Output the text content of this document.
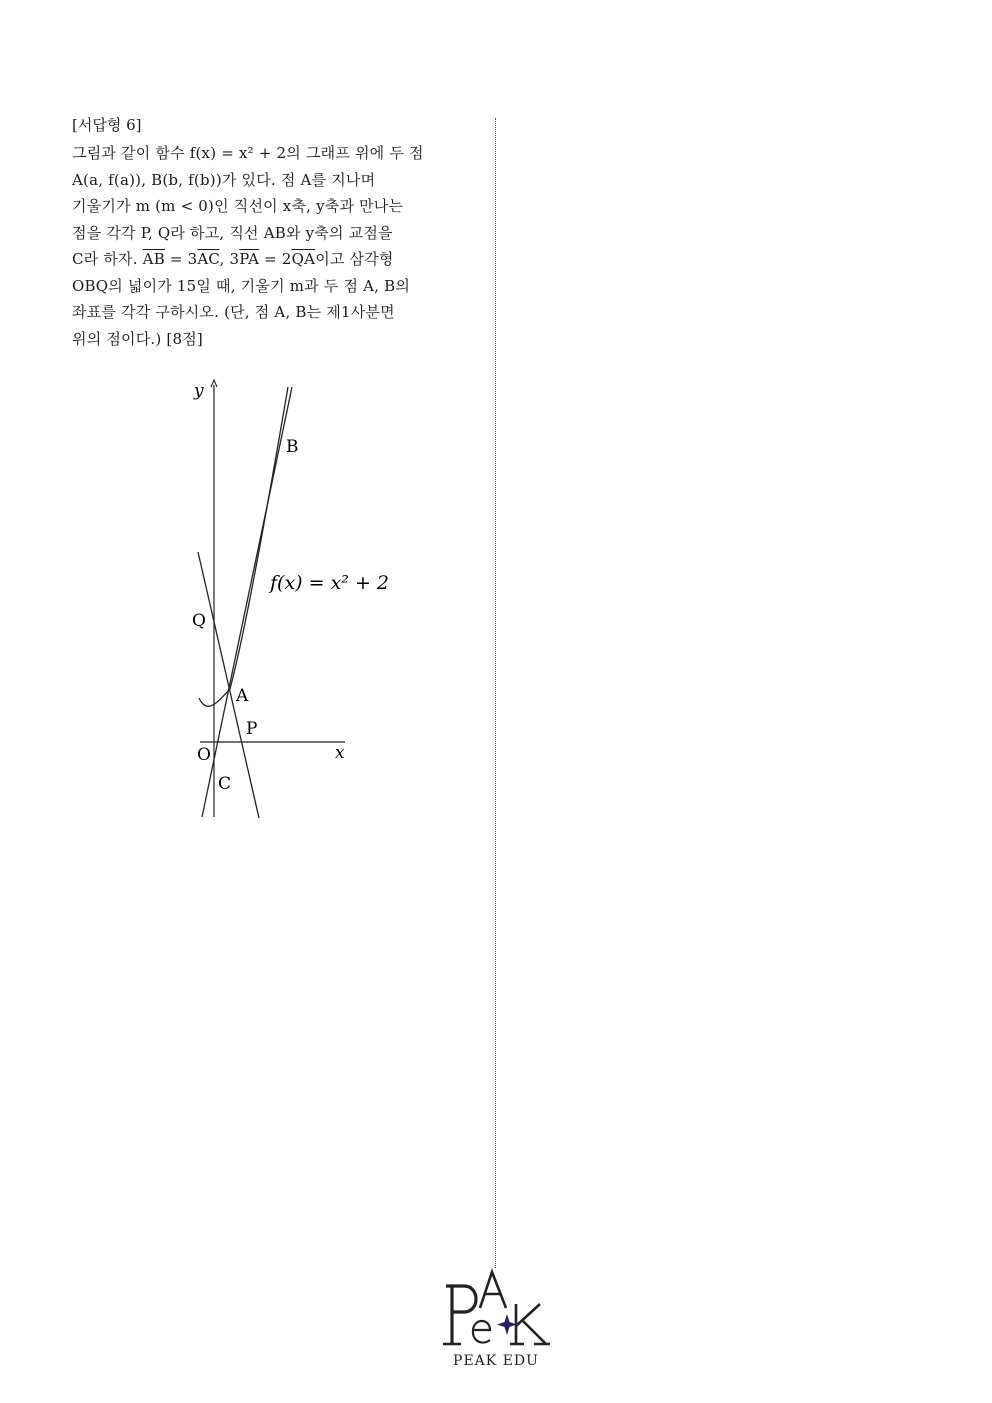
[서답형 6]

그림과 같이 함수 f(x) = x² + 2의 그래프 위에 두 점
A(a, f(a)), B(b, f(b))가 있다. 점 A를 지나며
기울기가 m (m < 0)인 직선이 x축, y축과 만나는
점을 각각 P, Q라 하고, 직선 AB와 y축의 교점을
C라 하자. $\overline{AB} = 3\overline{AC}$, $3\overline{PA} = 2\overline{QA}$이고 삼각형
OBQ의 넓이가 15일 때, 기울기 m과 두 점 A, B의
좌표를 각각 구하시오. (단, 점 A, B는 제1사분면
위의 점이다.) [8점]

y
x
O
B
Q
A
P
C
f(x) = x² + 2
PEAK EDU
